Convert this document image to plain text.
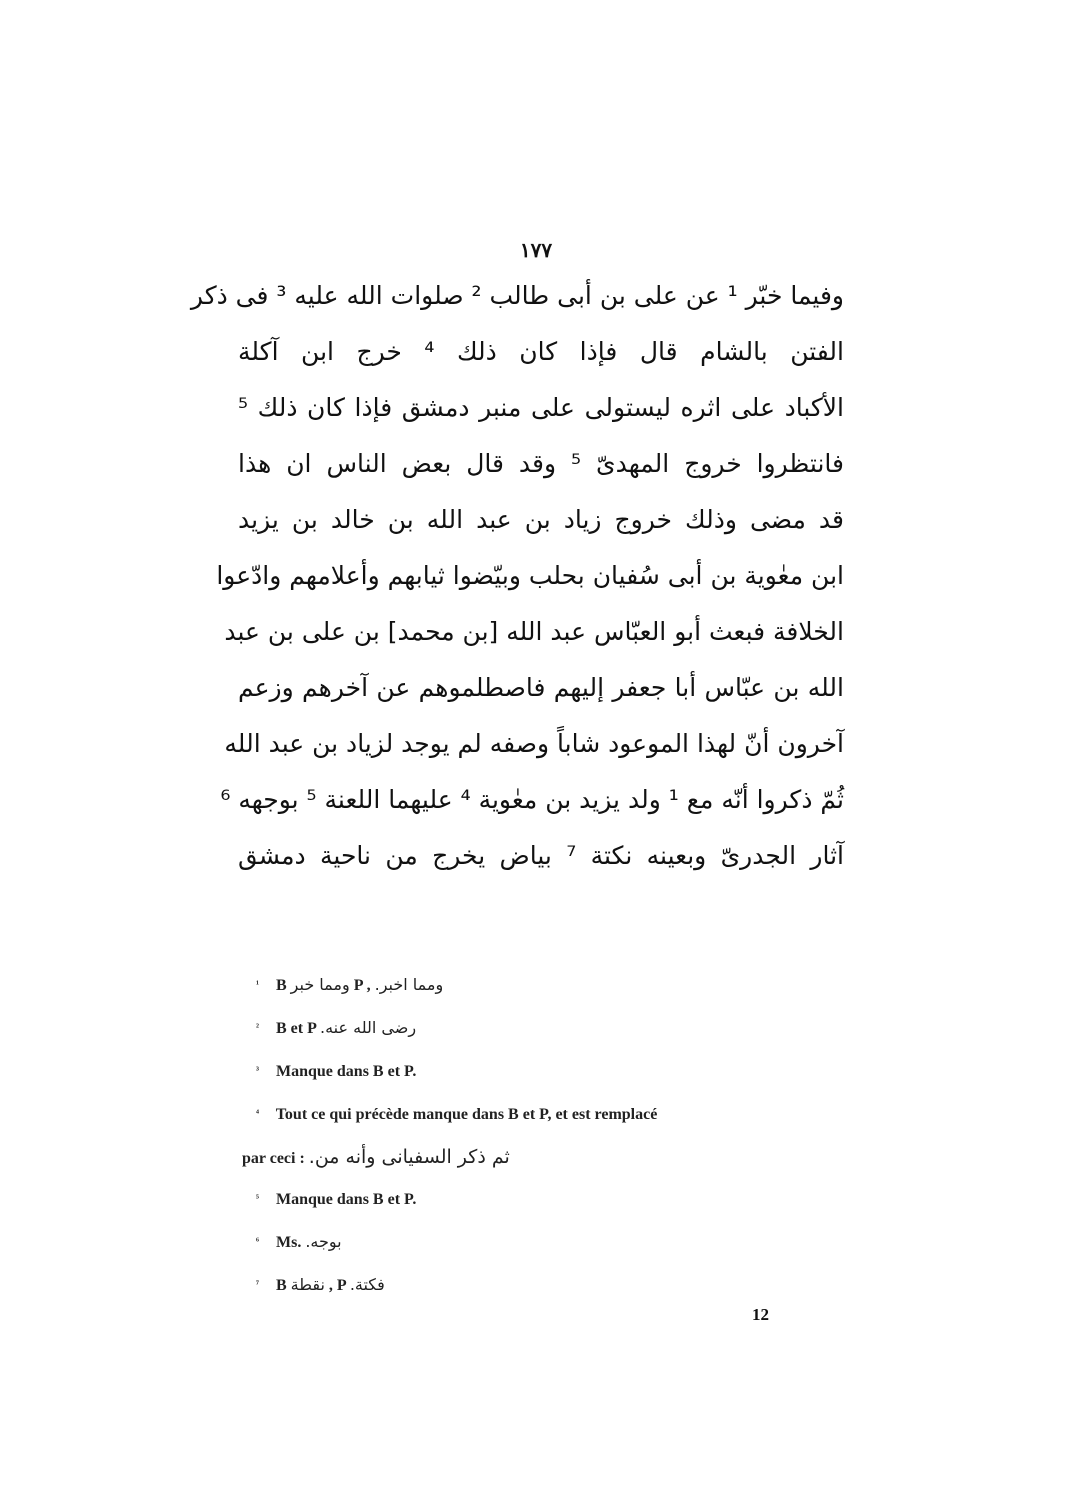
١٧٧
وفيما خبّر ¹ عن على بن أبى طالب ² صلوات الله عليه ³ فى ذكر
الفتن بالشام قال فإذا كان ذلك ⁴ خرج ابن آكلة
الأكباد على اثره ليستولى على منبر دمشق فإذا كان ذلك ⁵
فانتظروا خروج المهدىّ ⁵ وقد قال بعض الناس ان هذا
قد مضى وذلك خروج زياد بن عبد الله بن خالد بن يزيد
ابن معٰوية بن أبى سُفيان بحلب وبيّضوا ثيابهم وأعلامهم وادّعوا
الخلافة فبعث أبو العبّاس عبد الله [بن محمد] بن على بن عبد
الله بن عبّاس أبا جعفر إليهم فاصطلموهم عن آخرهم وزعم
آخرون أنّ لهذا الموعود شاباً وصفه لم يوجد لزياد بن عبد الله
ثُمّ ذكروا أنّه مع ¹ ولد يزيد بن معٰوية ⁴ عليهما اللعنة ⁵ بوجهه ⁶
آثار الجدرىّ وبعينه نكتة ⁷ بياض يخرج من ناحية دمشق
¹ B ومما خبر P , ومما اخبر.
² B et P رضى الله عنه.
³ Manque dans B et P.
⁴ Tout ce qui précède manque dans B et P, et est remplacé
par ceci : ثم ذكر السفيانى وأنه من.
⁵ Manque dans B et P.
⁶ Ms. بوجه.
⁷ B نقطة , P فكتة.
12
